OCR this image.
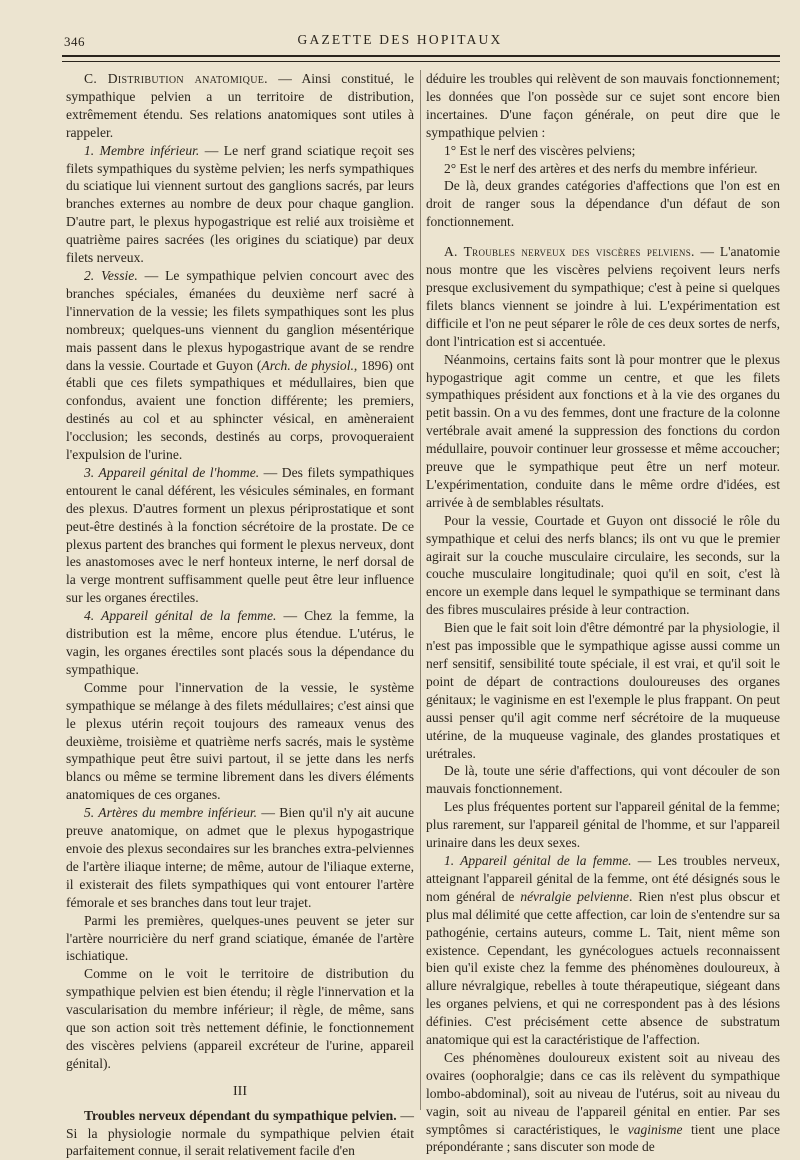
346	GAZETTE DES HOPITAUX

C. Distribution anatomique. — Ainsi constitué, le sympathique pelvien a un territoire de distribution, extrêmement étendu. Ses relations anatomiques sont utiles à rappeler.

1. Membre inférieur. — Le nerf grand sciatique reçoit ses filets sympathiques du système pelvien; les nerfs sympathiques du sciatique lui viennent surtout des ganglions sacrés, par leurs branches externes au nombre de deux pour chaque ganglion. D'autre part, le plexus hypogastrique est relié aux troisième et quatrième paires sacrées (les origines du sciatique) par deux filets nerveux.

2. Vessie. — Le sympathique pelvien concourt avec des branches spéciales, émanées du deuxième nerf sacré à l'innervation de la vessie; les filets sympathiques sont les plus nombreux; quelques-uns viennent du ganglion mésentérique mais passent dans le plexus hypogastrique avant de se rendre dans la vessie. Courtade et Guyon (Arch. de physiol., 1896) ont établi que ces filets sympathiques et médullaires, bien que confondus, avaient une fonction différente; les premiers, destinés au col et au sphincter vésical, en amèneraient l'occlusion; les seconds, destinés au corps, provoqueraient l'expulsion de l'urine.

3. Appareil génital de l'homme. — Des filets sympathiques entourent le canal déférent, les vésicules séminales, en formant des plexus. D'autres forment un plexus périprostatique et sont peut-être destinés à la fonction sécrétoire de la prostate. De ce plexus partent des branches qui forment le plexus nerveux, dont les anastomoses avec le nerf honteux interne, le nerf dorsal de la verge montrent suffisamment quelle peut être leur influence sur les organes érectiles.

4. Appareil génital de la femme. — Chez la femme, la distribution est la même, encore plus étendue. L'utérus, le vagin, les organes érectiles sont placés sous la dépendance du sympathique.

Comme pour l'innervation de la vessie, le système sympathique se mélange à des filets médullaires; c'est ainsi que le plexus utérin reçoit toujours des rameaux venus des deuxième, troisième et quatrième nerfs sacrés, mais le système sympathique peut être suivi partout, il se jette dans les nerfs blancs ou même se termine librement dans les divers éléments anatomiques de ces organes.

5. Artères du membre inférieur. — Bien qu'il n'y ait aucune preuve anatomique, on admet que le plexus hypogastrique envoie des plexus secondaires sur les branches extra-pelviennes de l'artère iliaque interne; de même, autour de l'iliaque externe, il existerait des filets sympathiques qui vont entourer l'artère fémorale et ses branches dans tout leur trajet.

Parmi les premières, quelques-unes peuvent se jeter sur l'artère nourricière du nerf grand sciatique, émanée de l'artère ischiatique.

Comme on le voit le territoire de distribution du sympathique pelvien est bien étendu; il règle l'innervation et la vascularisation du membre inférieur; il règle, de même, sans que son action soit très nettement définie, le fonctionnement des viscères pelviens (appareil excréteur de l'urine, appareil génital).

III

Troubles nerveux dépendant du sympathique pelvien. — Si la physiologie normale du sympathique pelvien était parfaitement connue, il serait relativement facile d'en

déduire les troubles qui relèvent de son mauvais fonctionnement; les données que l'on possède sur ce sujet sont encore bien incertaines. D'une façon générale, on peut dire que le sympathique pelvien :

1° Est le nerf des viscères pelviens;

2° Est le nerf des artères et des nerfs du membre inférieur.

De là, deux grandes catégories d'affections que l'on est en droit de ranger sous la dépendance d'un défaut de son fonctionnement.

A. Troubles nerveux des viscères pelviens. — L'anatomie nous montre que les viscères pelviens reçoivent leurs nerfs presque exclusivement du sympathique; c'est à peine si quelques filets blancs viennent se joindre à lui. L'expérimentation est difficile et l'on ne peut séparer le rôle de ces deux sortes de nerfs, dont l'intrication est si accentuée.

Néanmoins, certains faits sont là pour montrer que le plexus hypogastrique agit comme un centre, et que les filets sympathiques président aux fonctions et à la vie des organes du petit bassin. On a vu des femmes, dont une fracture de la colonne vertébrale avait amené la suppression des fonctions du cordon médullaire, pouvoir continuer leur grossesse et même accoucher; preuve que le sympathique peut être un nerf moteur. L'expérimentation, conduite dans le même ordre d'idées, est arrivée à de semblables résultats.

Pour la vessie, Courtade et Guyon ont dissocié le rôle du sympathique et celui des nerfs blancs; ils ont vu que le premier agirait sur la couche musculaire circulaire, les seconds, sur la couche musculaire longitudinale; quoi qu'il en soit, c'est là encore un exemple dans lequel le sympathique se terminant dans des fibres musculaires préside à leur contraction.

Bien que le fait soit loin d'être démontré par la physiologie, il n'est pas impossible que le sympathique agisse aussi comme un nerf sensitif, sensibilité toute spéciale, il est vrai, et qu'il soit le point de départ de contractions douloureuses des organes génitaux; le vaginisme en est l'exemple le plus frappant. On peut aussi penser qu'il agit comme nerf sécrétoire de la muqueuse utérine, de la muqueuse vaginale, des glandes prostatiques et urétrales.

De là, toute une série d'affections, qui vont découler de son mauvais fonctionnement.

Les plus fréquentes portent sur l'appareil génital de la femme; plus rarement, sur l'appareil génital de l'homme, et sur l'appareil urinaire dans les deux sexes.

1. Appareil génital de la femme. — Les troubles nerveux, atteignant l'appareil génital de la femme, ont été désignés sous le nom général de névralgie pelvienne. Rien n'est plus obscur et plus mal délimité que cette affection, car loin de s'entendre sur sa pathogénie, certains auteurs, comme L. Tait, nient même son existence. Cependant, les gynécologues actuels reconnaissent bien qu'il existe chez la femme des phénomènes douloureux, à allure névralgique, rebelles à toute thérapeutique, siégeant dans les organes pelviens, et qui ne correspondent pas à des lésions définies. C'est précisément cette absence de substratum anatomique qui est la caractéristique de l'affection.

Ces phénomènes douloureux existent soit au niveau des ovaires (oophoralgie; dans ce cas ils relèvent du sympathique lombo-abdominal), soit au niveau de l'utérus, soit au niveau du vagin, soit au niveau de l'appareil génital en entier. Par ses symptômes si caractéristiques, le vaginisme tient une place prépondérante ; sans discuter son mode de
